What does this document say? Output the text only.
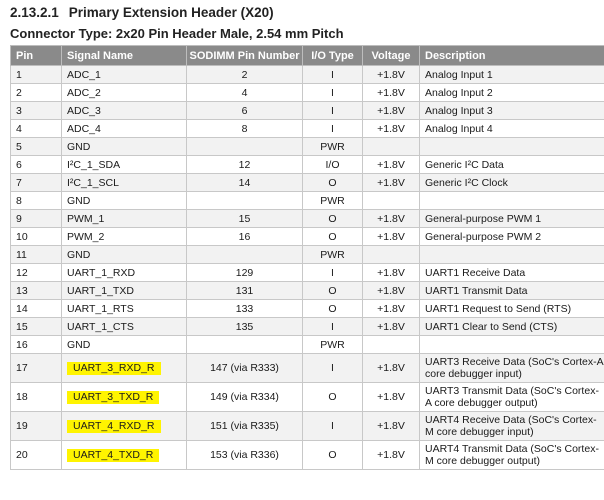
2.13.2.1 Primary Extension Header (X20)
Connector Type: 2x20 Pin Header Male, 2.54 mm Pitch
Pin	Signal Name	SODIMM Pin Number	I/O Type	Voltage	Description
1	ADC_1	2	I	+1.8V	Analog Input 1
2	ADC_2	4	I	+1.8V	Analog Input 2
3	ADC_3	6	I	+1.8V	Analog Input 3
4	ADC_4	8	I	+1.8V	Analog Input 4
5	GND		PWR		
6	I²C_1_SDA	12	I/O	+1.8V	Generic I²C Data
7	I²C_1_SCL	14	O	+1.8V	Generic I²C Clock
8	GND		PWR		
9	PWM_1	15	O	+1.8V	General-purpose PWM 1
10	PWM_2	16	O	+1.8V	General-purpose PWM 2
11	GND		PWR		
12	UART_1_RXD	129	I	+1.8V	UART1 Receive Data
13	UART_1_TXD	131	O	+1.8V	UART1 Transmit Data
14	UART_1_RTS	133	O	+1.8V	UART1 Request to Send (RTS)
15	UART_1_CTS	135	I	+1.8V	UART1 Clear to Send (CTS)
16	GND		PWR		
17	UART_3_RXD_R	147 (via R333)	I	+1.8V	UART3 Receive Data (SoC's Cortex-A core debugger input)
18	UART_3_TXD_R	149 (via R334)	O	+1.8V	UART3 Transmit Data (SoC's Cortex-A core debugger output)
19	UART_4_RXD_R	151 (via R335)	I	+1.8V	UART4 Receive Data (SoC's Cortex-M core debugger input)
20	UART_4_TXD_R	153 (via R336)	O	+1.8V	UART4 Transmit Data (SoC's Cortex-M core debugger output)
